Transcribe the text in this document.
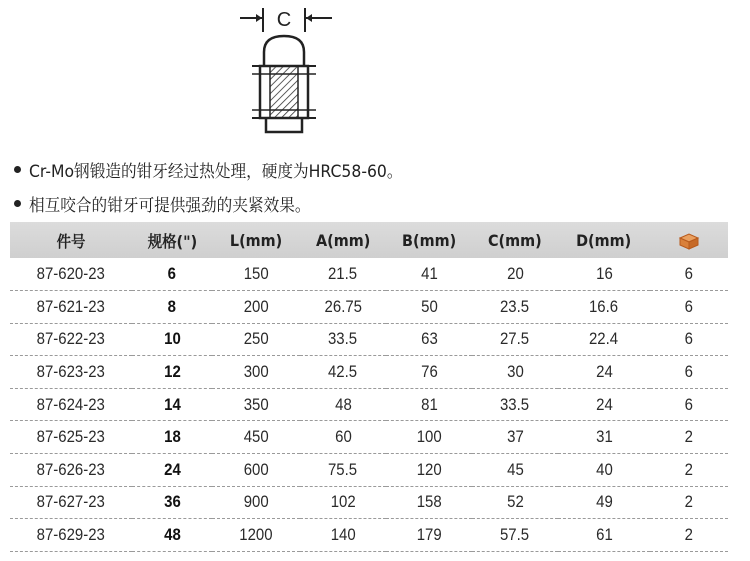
C
Cr-Mo钢锻造的钳牙经过热处理，硬度为HRC58-60。
相互咬合的钳牙可提供强劲的夹紧效果。
件号	规格(")	L(mm)	A(mm)	B(mm)	C(mm)	D(mm)	
87-620-23	6	150	21.5	41	20	16	6
87-621-23	8	200	26.75	50	23.5	16.6	6
87-622-23	10	250	33.5	63	27.5	22.4	6
87-623-23	12	300	42.5	76	30	24	6
87-624-23	14	350	48	81	33.5	24	6
87-625-23	18	450	60	100	37	31	2
87-626-23	24	600	75.5	120	45	40	2
87-627-23	36	900	102	158	52	49	2
87-629-23	48	1200	140	179	57.5	61	2
